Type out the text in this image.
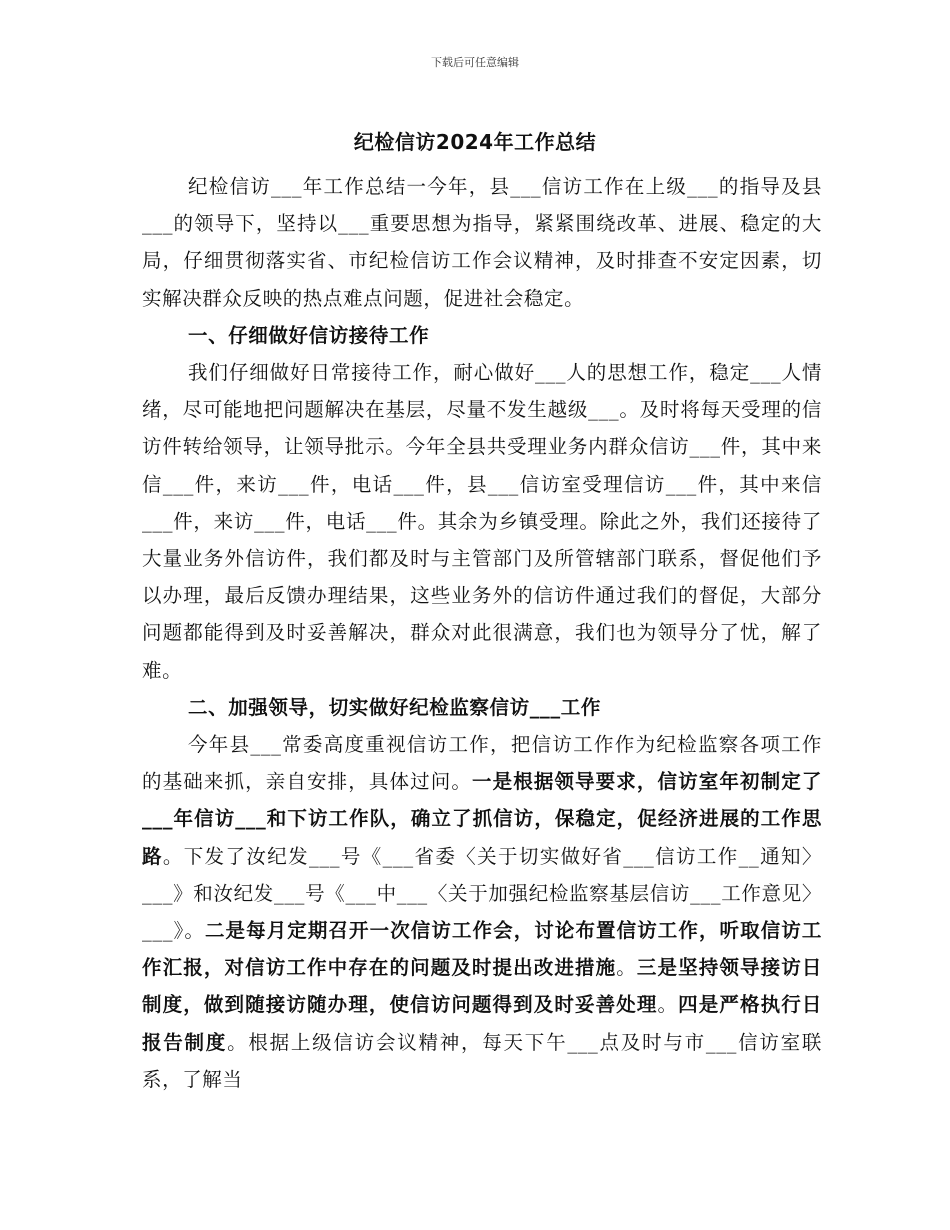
下载后可任意编辑
纪检信访2024年工作总结

纪检信访___年工作总结一今年，县___信访工作在上级___的指导及县___的领导下，坚持以___重要思想为指导，紧紧围绕改革、进展、稳定的大局，仔细贯彻落实省、市纪检信访工作会议精神，及时排查不安定因素，切实解决群众反映的热点难点问题，促进社会稳定。

一、仔细做好信访接待工作

我们仔细做好日常接待工作，耐心做好___人的思想工作，稳定___人情绪，尽可能地把问题解决在基层，尽量不发生越级___。及时将每天受理的信访件转给领导，让领导批示。今年全县共受理业务内群众信访___件，其中来信___件，来访___件，电话___件，县___信访室受理信访___件，其中来信___件，来访___件，电话___件。其余为乡镇受理。除此之外，我们还接待了大量业务外信访件，我们都及时与主管部门及所管辖部门联系，督促他们予以办理，最后反馈办理结果，这些业务外的信访件通过我们的督促，大部分问题都能得到及时妥善解决，群众对此很满意，我们也为领导分了忧，解了难。

二、加强领导，切实做好纪检监察信访___工作

今年县___常委高度重视信访工作，把信访工作作为纪检监察各项工作的基础来抓，亲自安排，具体过问。一是根据领导要求，信访室年初制定了___年信访___和下访工作队，确立了抓信访，保稳定，促经济进展的工作思路。下发了汝纪发___号《___省委〈关于切实做好省___信访工作__通知〉___》和汝纪发___号《___中___〈关于加强纪检监察基层信访___工作意见〉___》。二是每月定期召开一次信访工作会，讨论布置信访工作，听取信访工作汇报，对信访工作中存在的问题及时提出改进措施。三是坚持领导接访日制度，做到随接访随办理，使信访问题得到及时妥善处理。四是严格执行日报告制度。根据上级信访会议精神，每天下午___点及时与市___信访室联系，了解当
